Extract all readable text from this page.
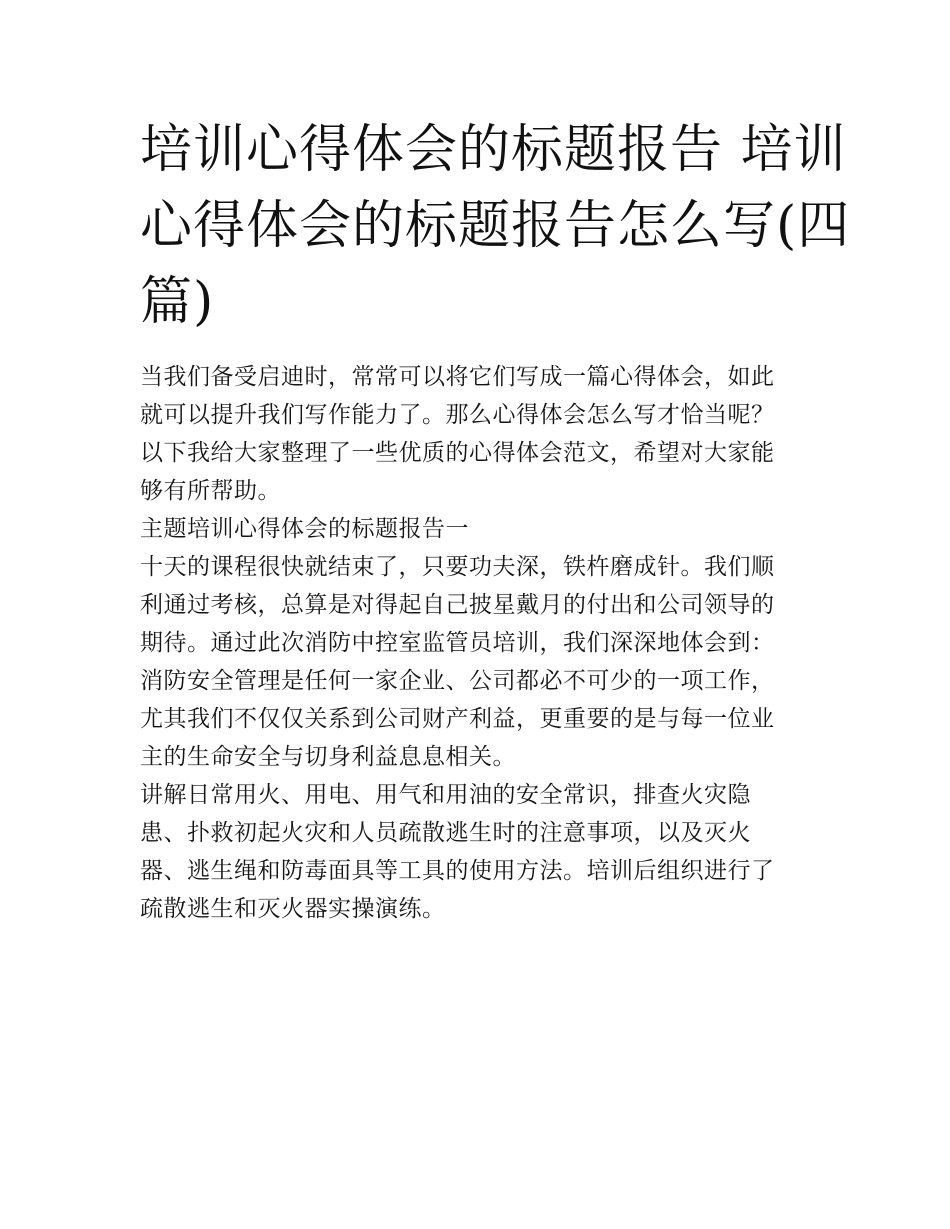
培训心得体会的标题报告 培训
心得体会的标题报告怎么写(四
篇)
当我们备受启迪时，常常可以将它们写成一篇心得体会，如此
就可以提升我们写作能力了。那么心得体会怎么写才恰当呢？
以下我给大家整理了一些优质的心得体会范文，希望对大家能
够有所帮助。
主题培训心得体会的标题报告一
十天的课程很快就结束了，只要功夫深，铁杵磨成针。我们顺
利通过考核，总算是对得起自己披星戴月的付出和公司领导的
期待。通过此次消防中控室监管员培训，我们深深地体会到：
消防安全管理是任何一家企业、公司都必不可少的一项工作，
尤其我们不仅仅关系到公司财产利益，更重要的是与每一位业
主的生命安全与切身利益息息相关。
讲解日常用火、用电、用气和用油的安全常识，排查火灾隐
患、扑救初起火灾和人员疏散逃生时的注意事项，以及灭火
器、逃生绳和防毒面具等工具的使用方法。培训后组织进行了
疏散逃生和灭火器实操演练。
